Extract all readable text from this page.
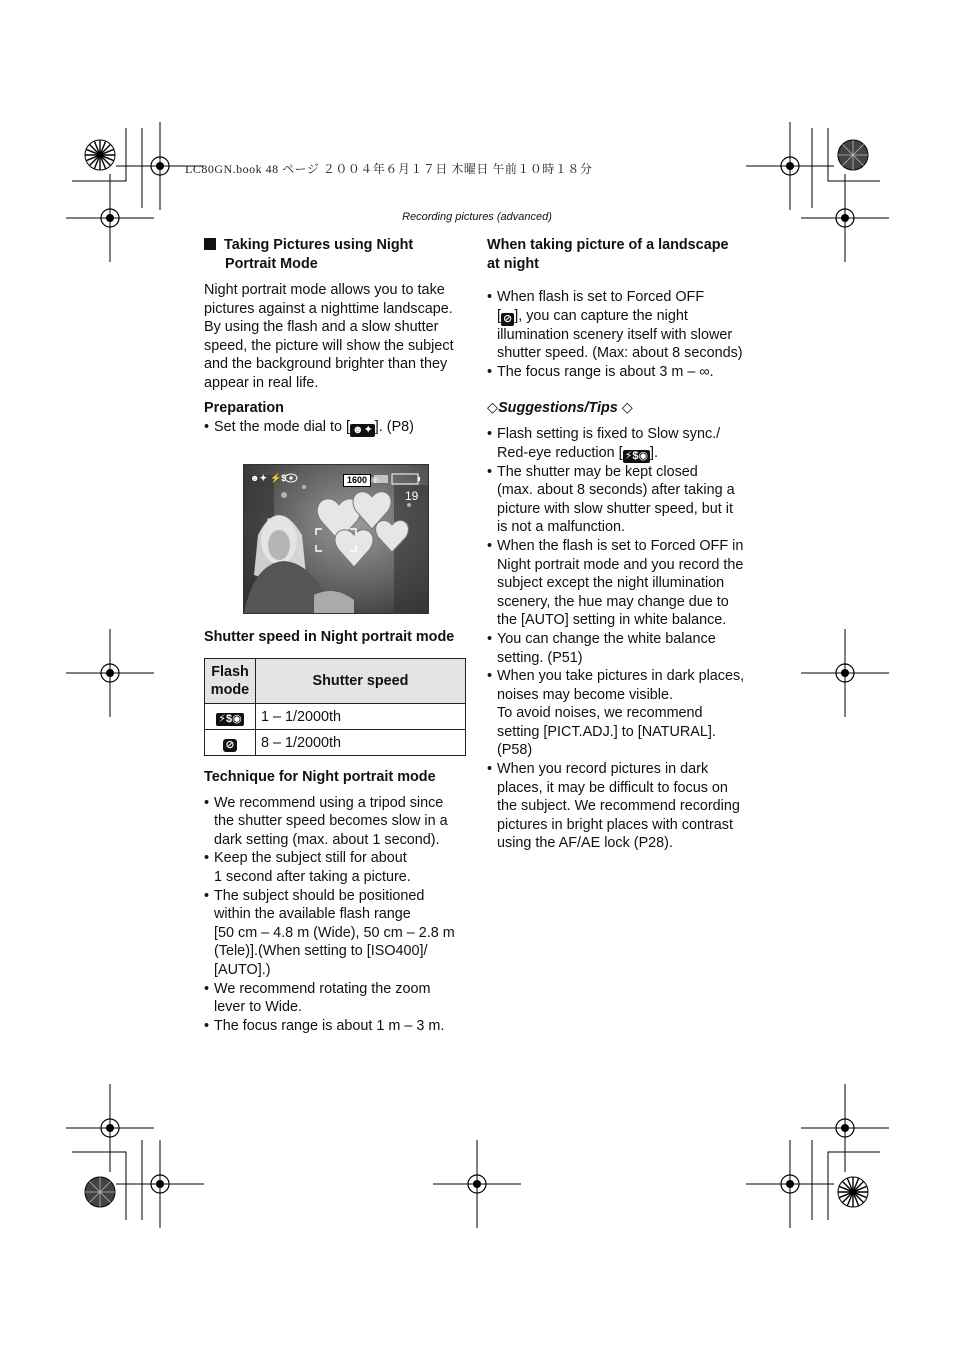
LC80GN.book 48 ページ ２００４年６月１７日 木曜日 午前１０時１８分
Recording pictures (advanced)

Taking Pictures using Night Portrait Mode

Night portrait mode allows you to take

pictures against a nighttime landscape.

By using the flash and a slow shutter

speed, the picture will show the subject

and the background brighter than they

appear in real life.

Preparation

• Set the mode dial to [ ☻✦ ]. (P8)

☻✦ ⚡$	1600
19
Shutter speed in Night portrait mode
Flash
mode	Shutter speed
⚡$◉	1 – 1/2000th
⊘	8 – 1/2000th

Technique for Night portrait mode

• We recommend using a tripod since
the shutter speed becomes slow in a
dark setting (max. about 1 second).

• Keep the subject still for about
1 second after taking a picture.

• The subject should be positioned
within the available flash range
[50 cm – 4.8 m (Wide), 50 cm – 2.8 m
(Tele)].(When setting to [ISO400]/
[AUTO].)

• We recommend rotating the zoom
lever to Wide.

• The focus range is about 1 m – 3 m.

When taking picture of a landscape
at night

• When flash is set to Forced OFF
[ ⊘ ], you can capture the night
illumination scenery itself with slower
shutter speed. (Max: about 8 seconds)

• The focus range is about 3 m – ∞.

◇Suggestions/Tips ◇

• Flash setting is fixed to Slow sync./
Red-eye reduction [ ⚡$◉ ].

• The shutter may be kept closed
(max. about 8 seconds) after taking a
picture with slow shutter speed, but it
is not a malfunction.

• When the flash is set to Forced OFF in
Night portrait mode and you record the
subject except the night illumination
scenery, the hue may change due to
the [AUTO] setting in white balance.

• You can change the white balance
setting. (P51)

• When you take pictures in dark places,
noises may become visible.
To avoid noises, we recommend
setting [PICT.ADJ.] to [NATURAL].
(P58)

• When you record pictures in dark
places, it may be difficult to focus on
the subject. We recommend recording
pictures in bright places with contrast
using the AF/AE lock (P28).
